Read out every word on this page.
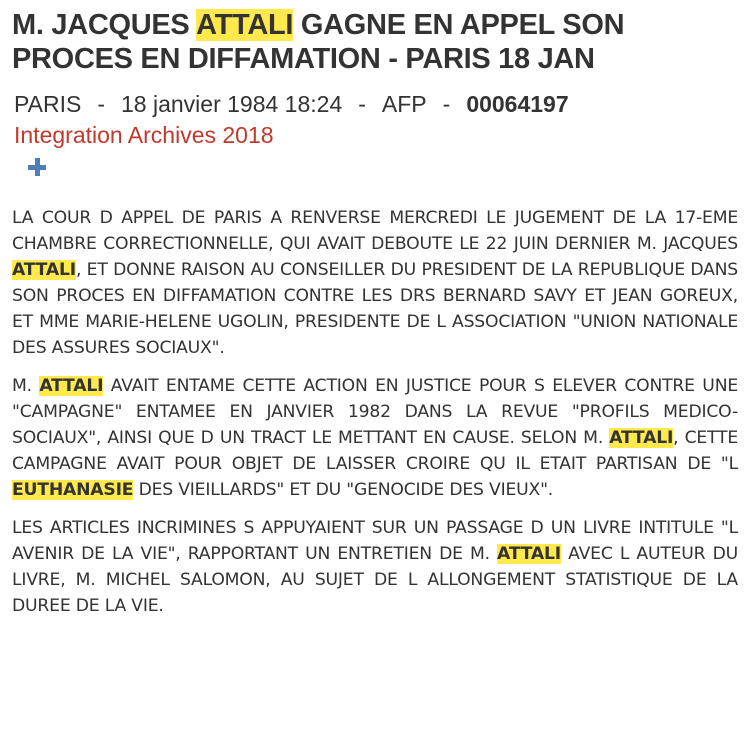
M. JACQUES ATTALI GAGNE EN APPEL SON PROCES EN DIFFAMATION - PARIS 18 JAN
PARIS - 18 janvier 1984 18:24 - AFP - 00064197
Integration Archives 2018

LA COUR D APPEL DE PARIS A RENVERSE MERCREDI LE JUGEMENT DE LA 17-EME CHAMBRE CORRECTIONNELLE, QUI AVAIT DEBOUTE LE 22 JUIN DERNIER M. JACQUES ATTALI, ET DONNE RAISON AU CONSEILLER DU PRESIDENT DE LA REPUBLIQUE DANS SON PROCES EN DIFFAMATION CONTRE LES DRS BERNARD SAVY ET JEAN GOREUX, ET MME MARIE-HELENE UGOLIN, PRESIDENTE DE L ASSOCIATION "UNION NATIONALE DES ASSURES SOCIAUX".

M. ATTALI AVAIT ENTAME CETTE ACTION EN JUSTICE POUR S ELEVER CONTRE UNE "CAMPAGNE" ENTAMEE EN JANVIER 1982 DANS LA REVUE "PROFILS MEDICO-SOCIAUX", AINSI QUE D UN TRACT LE METTANT EN CAUSE. SELON M. ATTALI, CETTE CAMPAGNE AVAIT POUR OBJET DE LAISSER CROIRE QU IL ETAIT PARTISAN DE "L EUTHANASIE DES VIEILLARDS" ET DU "GENOCIDE DES VIEUX".

LES ARTICLES INCRIMINES S APPUYAIENT SUR UN PASSAGE D UN LIVRE INTITULE "L AVENIR DE LA VIE", RAPPORTANT UN ENTRETIEN DE M. ATTALI AVEC L AUTEUR DU LIVRE, M. MICHEL SALOMON, AU SUJET DE L ALLONGEMENT STATISTIQUE DE LA DUREE DE LA VIE.
